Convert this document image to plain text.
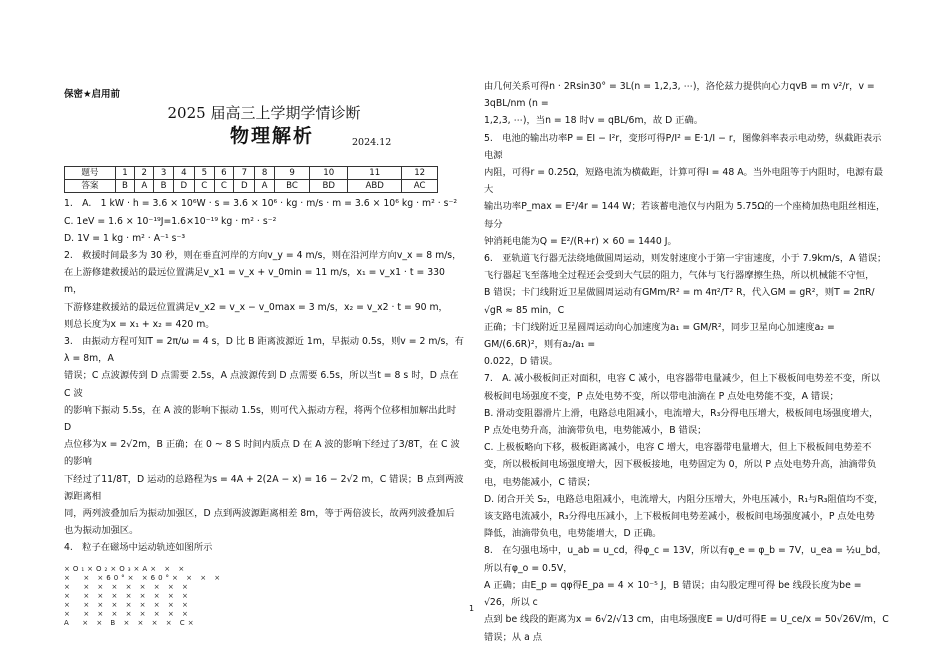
保密★启用前
2025 届高三上学期学情诊断
物理解析	2024.12
题号	1	2	3	4	5	6	7	8	9	10	11	12
答案	B	A	B	D	C	C	D	A	BC	BD	ABD	AC

1.　A.　1 kW · h = 3.6 × 10⁶W · s = 3.6 × 10⁶ · kg · m/s · m = 3.6 × 10⁶ kg · m² · s⁻²

C. 1eV = 1.6 × 10⁻¹⁹J=1.6×10⁻¹⁹ kg · m² · s⁻²

D. 1V = 1 kg · m² · A⁻¹ s⁻³

2.　救援时间最多为 30 秒，则在垂直河岸的方向v_y = 4 m/s，则在沿河岸方向v_x = 8 m/s，

在上游修建救援站的最远位置满足v_x1 = v_x + v_0min = 11 m/s，x₁ = v_x1 · t = 330 m，

下游修建救援站的最远位置满足v_x2 = v_x − v_0max = 3 m/s，x₂ = v_x2 · t = 90 m，

则总长度为x = x₁ + x₂ = 420 m。

3.　由振动方程可知T = 2π/ω = 4 s，D 比 B 距离波源近 1m，早振动 0.5s，则v = 2 m/s，有λ = 8m，A

错误；C 点波源传到 D 点需要 2.5s，A 点波源传到 D 点需要 6.5s，所以当t = 8 s 时，D 点在 C 波

的影响下振动 5.5s，在 A 波的影响下振动 1.5s，则可代入振动方程，将两个位移相加解出此时 D

点位移为x = 2√2m，B 正确；在 0 ~ 8 S 时间内质点 D 在 A 波的影响下经过了3/8T，在 C 波的影响

下经过了11/8T，D 运动的总路程为s = 4A + 2(2A − x) = 16 − 2√2 m，C 错误；B 点到两波源距离相

同，两列波叠加后为振动加强区，D 点到两波源距离相差 8m，等于两倍波长，故两列波叠加后

也为振动加强区。

4.　粒子在磁场中运动轨迹如图所示

×O₁×O₂×O₃×A× × ×
×  × ×60°× ×60°× × × ×
×  × × × × × × × ×
×  × × × × × × × ×
×  × × × × × × × ×
×  × × × × × × × ×
A  × × B × × × × C×

由几何关系可得n · 2Rsin30° = 3L(n = 1,2,3, ⋯)，洛伦兹力提供向心力qvB = m v²/r，v = 3qBL/nm (n =

1,2,3, ⋯)，当n = 18 时v = qBL/6m，故 D 正确。

5.　电池的输出功率P = EI − I²r，变形可得P/I² = E·1/I − r，图像斜率表示电动势，纵截距表示电源

内阻，可得r = 0.25Ω，短路电流为横截距，计算可得I = 48 A。当外电阻等于内阻时，电源有最大

输出功率P_max = E²/4r = 144 W；若该蓄电池仅与内阻为 5.75Ω的一个座椅加热电阻丝相连，每分

钟消耗电能为Q = E²/(R+r) × 60 = 1440 J。

6.　亚轨道飞行器无法绕地做圆周运动，则发射速度小于第一宇宙速度，小于 7.9km/s，A 错误；

飞行器起飞至落地全过程还会受到大气层的阻力，气体与飞行器摩擦生热，所以机械能不守恒，

B 错误；卡门线附近卫星做圆周运动有GMm/R² = m 4π²/T² R，代入GM = gR²，则T = 2πR/√gR ≈ 85 min，C

正确；卡门线附近卫星圆周运动向心加速度为a₁ = GM/R²，同步卫星向心加速度a₂ = GM/(6.6R)²，则有a₂/a₁ =

0.022，D 错误。

7.　A. 减小极板间正对面积，电容 C 减小，电容器带电量减少，但上下极板间电势差不变，所以

极板间电场强度不变，P 点处电势不变，所以带电油滴在 P 点处电势能不变，A 错误；

B. 滑动变阻器滑片上滑，电路总电阻减小，电流增大，R₃分得电压增大，极板间电场强度增大，

P 点处电势升高，油滴带负电，电势能减小，B 错误；

C. 上极板略向下移，极板距离减小，电容 C 增大，电容器带电量增大，但上下极板间电势差不

变，所以极板间电场强度增大，因下极板接地，电势固定为 0，所以 P 点处电势升高，油滴带负

电，电势能减小，C 错误；

D. 闭合开关 S₂，电路总电阻减小，电流增大，内阻分压增大，外电压减小，R₁与R₃阻值均不变，

该支路电流减小，R₃分得电压减小，上下极板间电势差减小，极板间电场强度减小，P 点处电势

降低，油滴带负电，电势能增大，D 正确。

8.　在匀强电场中，u_ab = u_cd，得φ_c = 13V，所以有φ_e = φ_b = 7V，u_ea = ½u_bd，所以有φ_o = 0.5V，

A 正确；由E_p = qφ得E_pa = 4 × 10⁻⁵ J，B 错误；由勾股定理可得 be 线段长度为be = √26，所以 c

点到 be 线段的距离为x = 6√2/√13 cm，由电场强度E = U/d可得E = U_ce/x = 50√26V/m，C 错误；从 a 点

1
